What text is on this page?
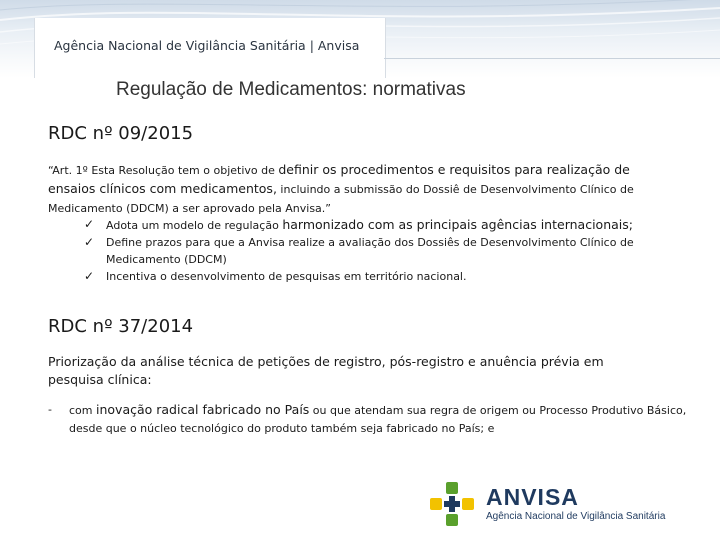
Agência Nacional de Vigilância Sanitária | Anvisa
Regulação de Medicamentos: normativas
RDC nº 09/2015
“Art. 1º Esta Resolução tem o objetivo de definir os procedimentos e requisitos para realização de ensaios clínicos com medicamentos, incluindo a submissão do Dossiê de Desenvolvimento Clínico de Medicamento (DDCM) a ser aprovado pela Anvisa.”
✓ Adota um modelo de regulação harmonizado com as principais agências internacionais;
✓ Define prazos para que a Anvisa realize a avaliação dos Dossiês de Desenvolvimento Clínico de Medicamento (DDCM)
✓ Incentiva o desenvolvimento de pesquisas em território nacional.
RDC nº 37/2014
Priorização da análise técnica de petições de registro, pós-registro e anuência prévia em pesquisa clínica:
- com inovação radical fabricado no País ou que atendam sua regra de origem ou Processo Produtivo Básico, desde que o núcleo tecnológico do produto também seja fabricado no País; e
ANVISA
Agência Nacional de Vigilância Sanitária
